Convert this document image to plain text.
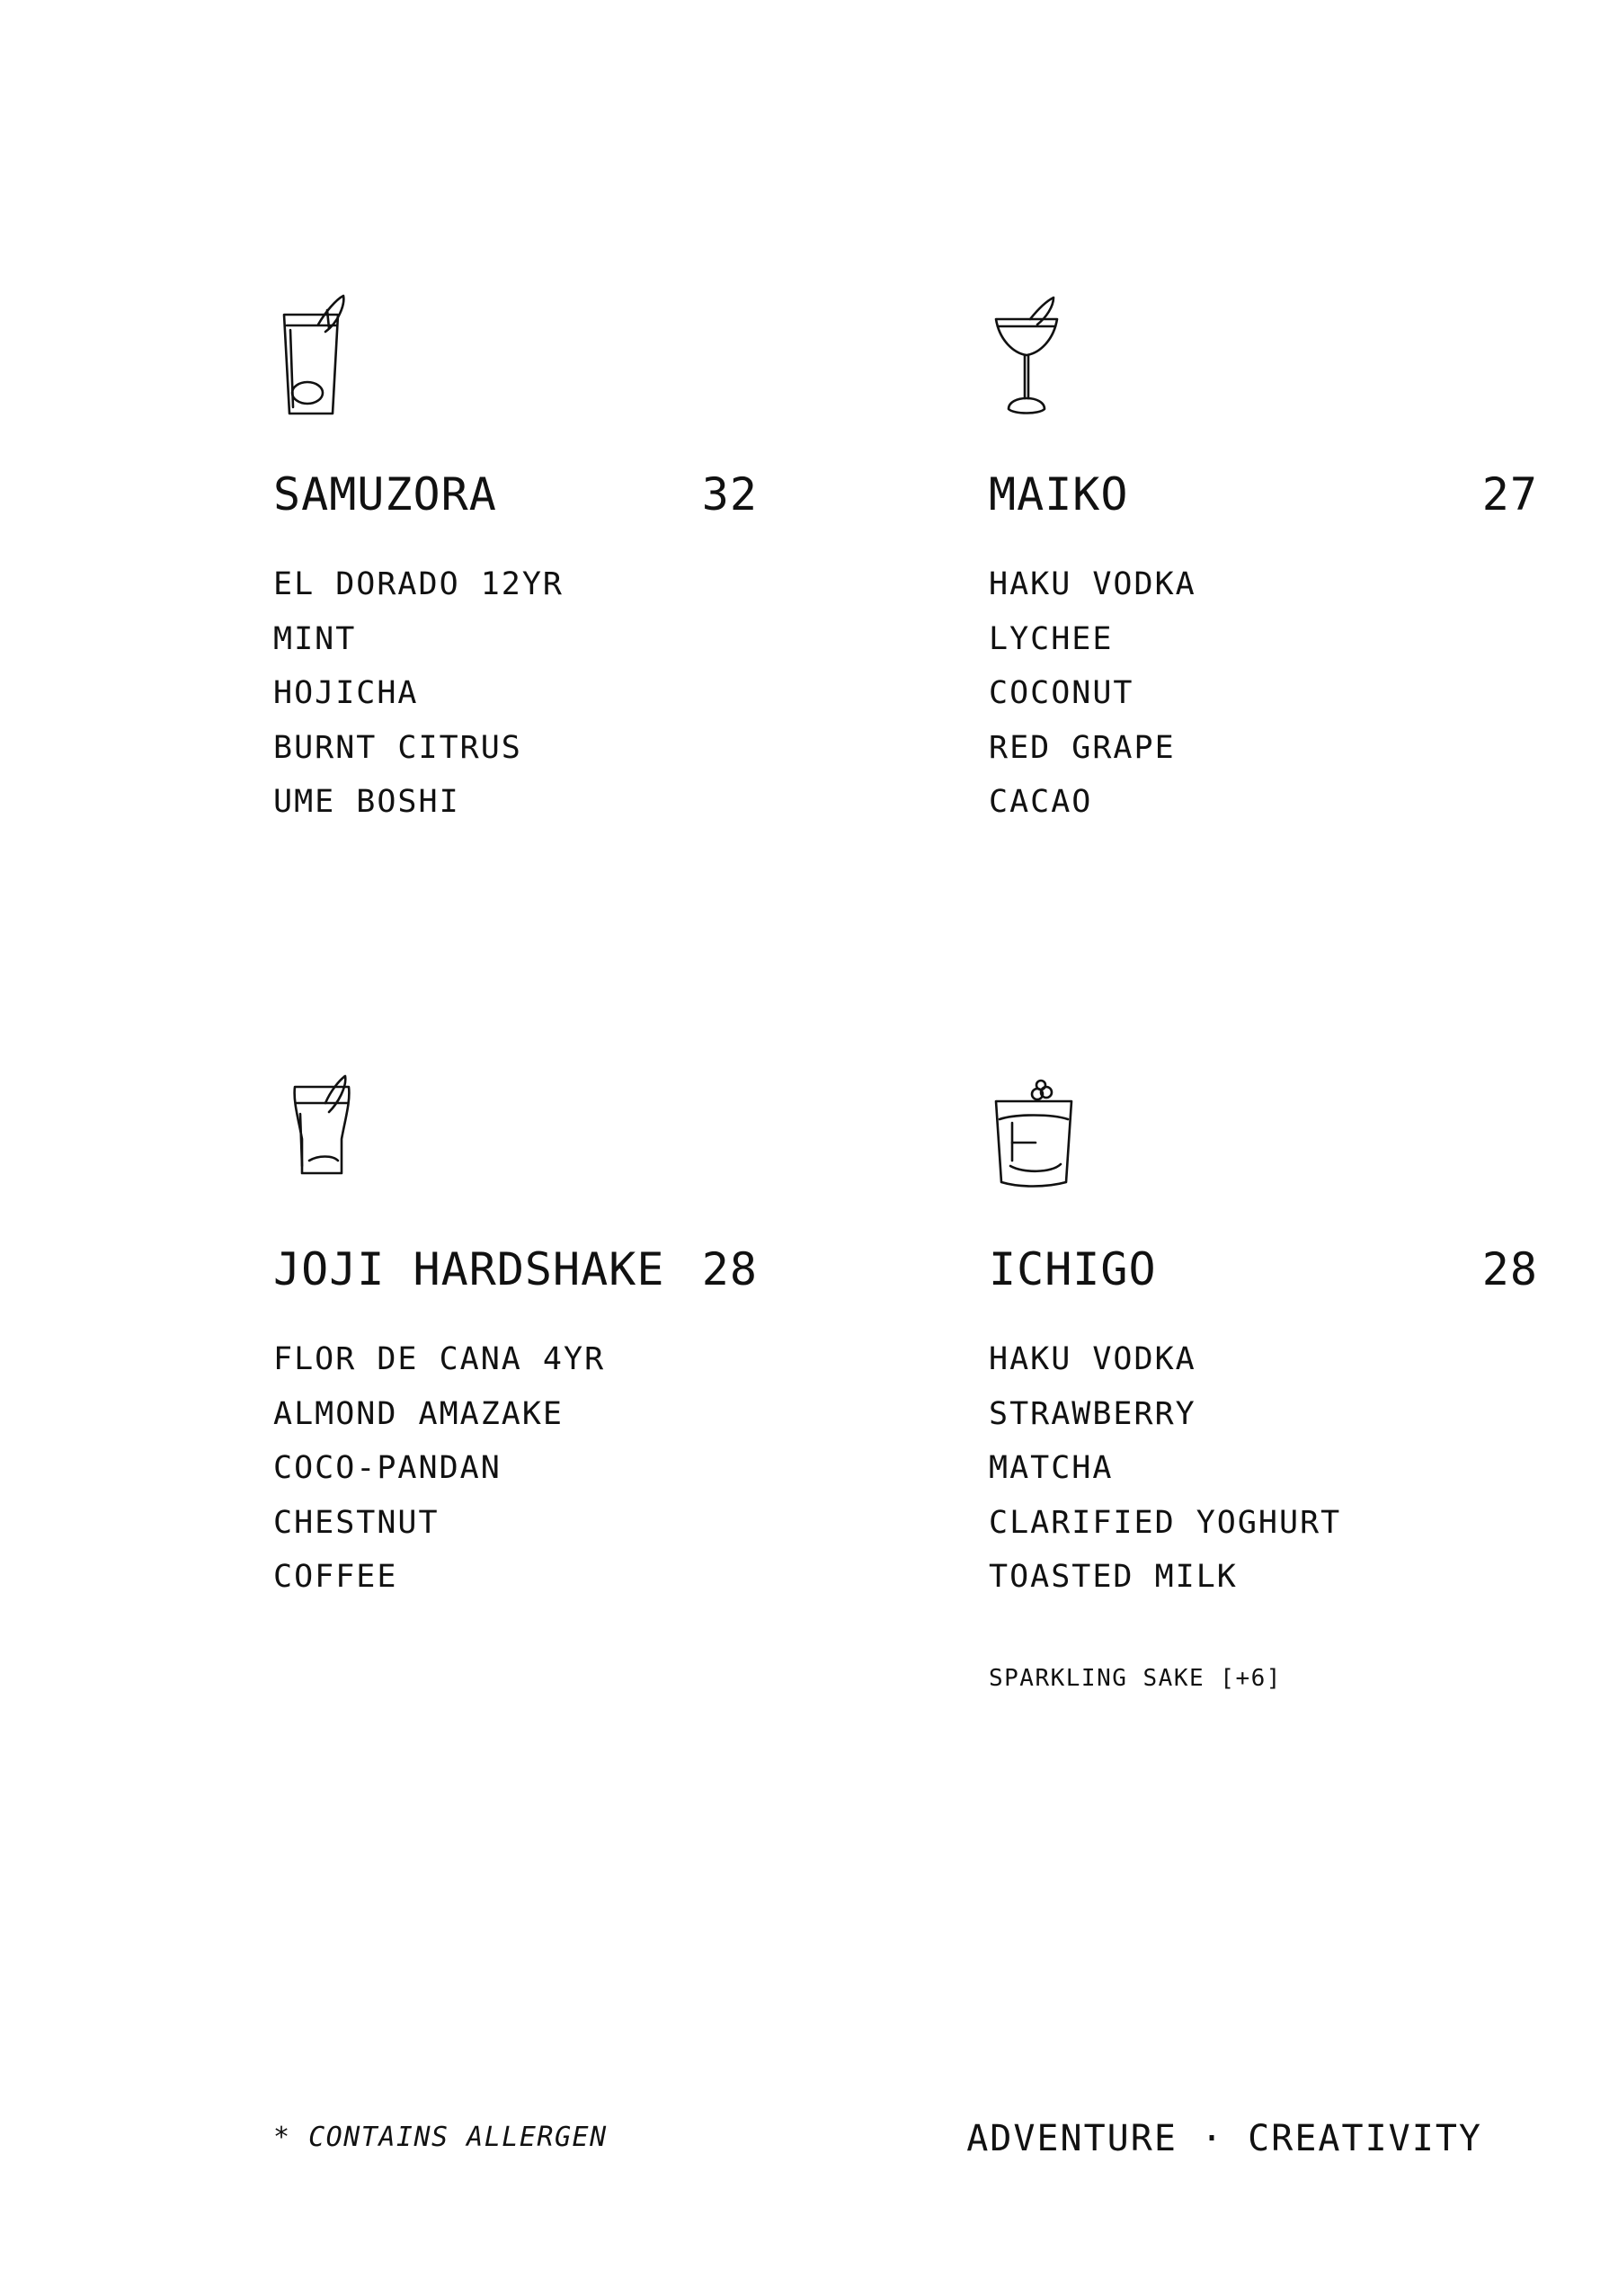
SAMUZORA	32
EL DORADO 12YR
MINT
HOJICHA
BURNT CITRUS
UME BOSHI
MAIKO	27
HAKU VODKA
LYCHEE
COCONUT
RED GRAPE
CACAO
JOJI HARDSHAKE 28
FLOR DE CANA 4YR
ALMOND AMAZAKE
COCO-PANDAN
CHESTNUT
COFFEE
ICHIGO	28
HAKU VODKA
STRAWBERRY
MATCHA
CLARIFIED YOGHURT
TOASTED MILK
SPARKLING SAKE [+6]
* CONTAINS ALLERGEN	ADVENTURE · CREATIVITY
